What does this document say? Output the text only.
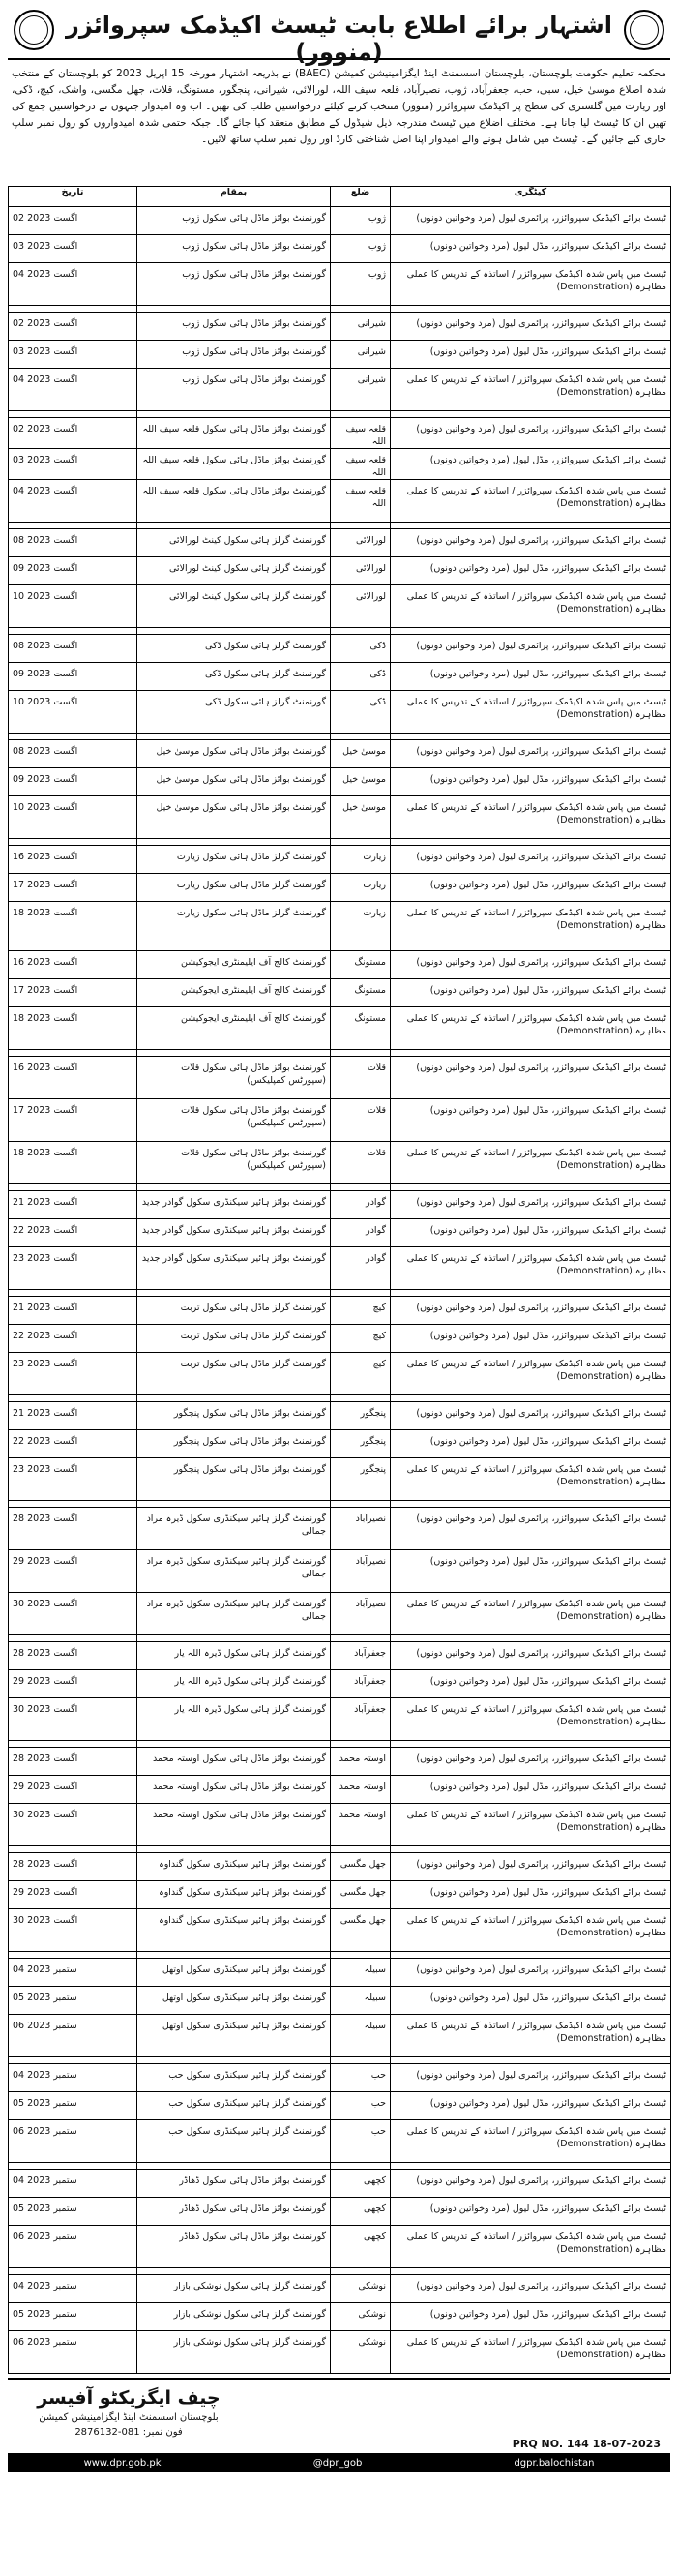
اشتہار برائے اطلاع بابت ٹیسٹ اکیڈمک سپروائزر (منوور)
محکمہ تعلیم حکومت بلوچستان، بلوچستان اسسمنٹ اینڈ ایگزامینیشن کمیشن (BAEC) نے بذریعہ اشتہار مورخہ 15 اپریل 2023 کو بلوچستان کے منتخب شدہ اضلاع موسیٰ خیل، سبی، حب، جعفرآباد، ژوب، نصیرآباد، قلعہ سیف اللہ، لورالائی، شیرانی، پنجگور، مستونگ، قلات، جھل مگسی، واشک، کیچ، ڈکی، اور زیارت میں گلستری کی سطح پر اکیڈمک سپروائزر (منوور) منتخب کرنے کیلئے درخواستیں طلب کی تھیں۔ اب وہ امیدوار جنہوں نے درخواستیں جمع کی تھیں ان کا ٹیسٹ لیا جانا ہے۔ مختلف اضلاع میں ٹیسٹ مندرجہ ذیل شیڈول کے مطابق منعقد کیا جائے گا۔ جبکہ حتمی شدہ امیدواروں کو رول نمبر سلپ جاری کیے جائیں گے۔ ٹیسٹ میں شامل ہونے والے امیدوار اپنا اصل شناختی کارڈ اور رول نمبر سلپ ساتھ لائیں۔
کیٹگری	ضلع	بمقام	تاریخ
ٹیسٹ برائے اکیڈمک سپروائزر، پرائمری لیول (مرد وخواتین دونوں)	ژوب	گورنمنٹ بوائز ماڈل ہائی سکول ژوب	02 اگست 2023
ٹیسٹ برائے اکیڈمک سپروائزر، مڈل لیول (مرد وخواتین دونوں)	ژوب	گورنمنٹ بوائز ماڈل ہائی سکول ژوب	03 اگست 2023
ٹیسٹ میں پاس شدہ اکیڈمک سپروائزر / اساتذہ کے تدریس کا عملی مظاہرہ (Demonstration)	ژوب	گورنمنٹ بوائز ماڈل ہائی سکول ژوب	04 اگست 2023

ٹیسٹ برائے اکیڈمک سپروائزر، پرائمری لیول (مرد وخواتین دونوں)	شیرانی	گورنمنٹ بوائز ماڈل ہائی سکول ژوب	02 اگست 2023
ٹیسٹ برائے اکیڈمک سپروائزر، مڈل لیول (مرد وخواتین دونوں)	شیرانی	گورنمنٹ بوائز ماڈل ہائی سکول ژوب	03 اگست 2023
ٹیسٹ میں پاس شدہ اکیڈمک سپروائزر / اساتذہ کے تدریس کا عملی مظاہرہ (Demonstration)	شیرانی	گورنمنٹ بوائز ماڈل ہائی سکول ژوب	04 اگست 2023

ٹیسٹ برائے اکیڈمک سپروائزر، پرائمری لیول (مرد وخواتین دونوں)	قلعہ سیف اللہ	گورنمنٹ بوائز ماڈل ہائی سکول قلعہ سیف اللہ	02 اگست 2023
ٹیسٹ برائے اکیڈمک سپروائزر، مڈل لیول (مرد وخواتین دونوں)	قلعہ سیف اللہ	گورنمنٹ بوائز ماڈل ہائی سکول قلعہ سیف اللہ	03 اگست 2023
ٹیسٹ میں پاس شدہ اکیڈمک سپروائزر / اساتذہ کے تدریس کا عملی مظاہرہ (Demonstration)	قلعہ سیف اللہ	گورنمنٹ بوائز ماڈل ہائی سکول قلعہ سیف اللہ	04 اگست 2023

ٹیسٹ برائے اکیڈمک سپروائزر، پرائمری لیول (مرد وخواتین دونوں)	لورالائی	گورنمنٹ گرلز ہائی سکول کینٹ لورالائی	08 اگست 2023
ٹیسٹ برائے اکیڈمک سپروائزر، مڈل لیول (مرد وخواتین دونوں)	لورالائی	گورنمنٹ گرلز ہائی سکول کینٹ لورالائی	09 اگست 2023
ٹیسٹ میں پاس شدہ اکیڈمک سپروائزر / اساتذہ کے تدریس کا عملی مظاہرہ (Demonstration)	لورالائی	گورنمنٹ گرلز ہائی سکول کینٹ لورالائی	10 اگست 2023

ٹیسٹ برائے اکیڈمک سپروائزر، پرائمری لیول (مرد وخواتین دونوں)	ڈکی	گورنمنٹ گرلز ہائی سکول ڈکی	08 اگست 2023
ٹیسٹ برائے اکیڈمک سپروائزر، مڈل لیول (مرد وخواتین دونوں)	ڈکی	گورنمنٹ گرلز ہائی سکول ڈکی	09 اگست 2023
ٹیسٹ میں پاس شدہ اکیڈمک سپروائزر / اساتذہ کے تدریس کا عملی مظاہرہ (Demonstration)	ڈکی	گورنمنٹ گرلز ہائی سکول ڈکی	10 اگست 2023

ٹیسٹ برائے اکیڈمک سپروائزر، پرائمری لیول (مرد وخواتین دونوں)	موسیٰ خیل	گورنمنٹ بوائز ماڈل ہائی سکول موسیٰ خیل	08 اگست 2023
ٹیسٹ برائے اکیڈمک سپروائزر، مڈل لیول (مرد وخواتین دونوں)	موسیٰ خیل	گورنمنٹ بوائز ماڈل ہائی سکول موسیٰ خیل	09 اگست 2023
ٹیسٹ میں پاس شدہ اکیڈمک سپروائزر / اساتذہ کے تدریس کا عملی مظاہرہ (Demonstration)	موسیٰ خیل	گورنمنٹ بوائز ماڈل ہائی سکول موسیٰ خیل	10 اگست 2023

ٹیسٹ برائے اکیڈمک سپروائزر، پرائمری لیول (مرد وخواتین دونوں)	زیارت	گورنمنٹ گرلز ماڈل ہائی سکول زیارت	16 اگست 2023
ٹیسٹ برائے اکیڈمک سپروائزر، مڈل لیول (مرد وخواتین دونوں)	زیارت	گورنمنٹ گرلز ماڈل ہائی سکول زیارت	17 اگست 2023
ٹیسٹ میں پاس شدہ اکیڈمک سپروائزر / اساتذہ کے تدریس کا عملی مظاہرہ (Demonstration)	زیارت	گورنمنٹ گرلز ماڈل ہائی سکول زیارت	18 اگست 2023

ٹیسٹ برائے اکیڈمک سپروائزر، پرائمری لیول (مرد وخواتین دونوں)	مستونگ	گورنمنٹ کالج آف ایلیمنٹری ایجوکیشن	16 اگست 2023
ٹیسٹ برائے اکیڈمک سپروائزر، مڈل لیول (مرد وخواتین دونوں)	مستونگ	گورنمنٹ کالج آف ایلیمنٹری ایجوکیشن	17 اگست 2023
ٹیسٹ میں پاس شدہ اکیڈمک سپروائزر / اساتذہ کے تدریس کا عملی مظاہرہ (Demonstration)	مستونگ	گورنمنٹ کالج آف ایلیمنٹری ایجوکیشن	18 اگست 2023

ٹیسٹ برائے اکیڈمک سپروائزر، پرائمری لیول (مرد وخواتین دونوں)	قلات	گورنمنٹ بوائز ماڈل ہائی سکول قلات (سپورٹس کمپلیکس)	16 اگست 2023
ٹیسٹ برائے اکیڈمک سپروائزر، مڈل لیول (مرد وخواتین دونوں)	قلات	گورنمنٹ بوائز ماڈل ہائی سکول قلات (سپورٹس کمپلیکس)	17 اگست 2023
ٹیسٹ میں پاس شدہ اکیڈمک سپروائزر / اساتذہ کے تدریس کا عملی مظاہرہ (Demonstration)	قلات	گورنمنٹ بوائز ماڈل ہائی سکول قلات (سپورٹس کمپلیکس)	18 اگست 2023

ٹیسٹ برائے اکیڈمک سپروائزر، پرائمری لیول (مرد وخواتین دونوں)	گوادر	گورنمنٹ بوائز ہائیر سیکنڈری سکول گوادر جدید	21 اگست 2023
ٹیسٹ برائے اکیڈمک سپروائزر، مڈل لیول (مرد وخواتین دونوں)	گوادر	گورنمنٹ بوائز ہائیر سیکنڈری سکول گوادر جدید	22 اگست 2023
ٹیسٹ میں پاس شدہ اکیڈمک سپروائزر / اساتذہ کے تدریس کا عملی مظاہرہ (Demonstration)	گوادر	گورنمنٹ بوائز ہائیر سیکنڈری سکول گوادر جدید	23 اگست 2023

ٹیسٹ برائے اکیڈمک سپروائزر، پرائمری لیول (مرد وخواتین دونوں)	کیچ	گورنمنٹ گرلز ماڈل ہائی سکول تربت	21 اگست 2023
ٹیسٹ برائے اکیڈمک سپروائزر، مڈل لیول (مرد وخواتین دونوں)	کیچ	گورنمنٹ گرلز ماڈل ہائی سکول تربت	22 اگست 2023
ٹیسٹ میں پاس شدہ اکیڈمک سپروائزر / اساتذہ کے تدریس کا عملی مظاہرہ (Demonstration)	کیچ	گورنمنٹ گرلز ماڈل ہائی سکول تربت	23 اگست 2023

ٹیسٹ برائے اکیڈمک سپروائزر، پرائمری لیول (مرد وخواتین دونوں)	پنجگور	گورنمنٹ بوائز ماڈل ہائی سکول پنجگور	21 اگست 2023
ٹیسٹ برائے اکیڈمک سپروائزر، مڈل لیول (مرد وخواتین دونوں)	پنجگور	گورنمنٹ بوائز ماڈل ہائی سکول پنجگور	22 اگست 2023
ٹیسٹ میں پاس شدہ اکیڈمک سپروائزر / اساتذہ کے تدریس کا عملی مظاہرہ (Demonstration)	پنجگور	گورنمنٹ بوائز ماڈل ہائی سکول پنجگور	23 اگست 2023

ٹیسٹ برائے اکیڈمک سپروائزر، پرائمری لیول (مرد وخواتین دونوں)	نصیرآباد	گورنمنٹ گرلز ہائیر سیکنڈری سکول ڈیرہ مراد جمالی	28 اگست 2023
ٹیسٹ برائے اکیڈمک سپروائزر، مڈل لیول (مرد وخواتین دونوں)	نصیرآباد	گورنمنٹ گرلز ہائیر سیکنڈری سکول ڈیرہ مراد جمالی	29 اگست 2023
ٹیسٹ میں پاس شدہ اکیڈمک سپروائزر / اساتذہ کے تدریس کا عملی مظاہرہ (Demonstration)	نصیرآباد	گورنمنٹ گرلز ہائیر سیکنڈری سکول ڈیرہ مراد جمالی	30 اگست 2023

ٹیسٹ برائے اکیڈمک سپروائزر، پرائمری لیول (مرد وخواتین دونوں)	جعفرآباد	گورنمنٹ گرلز ہائی سکول ڈیرہ اللہ یار	28 اگست 2023
ٹیسٹ برائے اکیڈمک سپروائزر، مڈل لیول (مرد وخواتین دونوں)	جعفرآباد	گورنمنٹ گرلز ہائی سکول ڈیرہ اللہ یار	29 اگست 2023
ٹیسٹ میں پاس شدہ اکیڈمک سپروائزر / اساتذہ کے تدریس کا عملی مظاہرہ (Demonstration)	جعفرآباد	گورنمنٹ گرلز ہائی سکول ڈیرہ اللہ یار	30 اگست 2023

ٹیسٹ برائے اکیڈمک سپروائزر، پرائمری لیول (مرد وخواتین دونوں)	اوستہ محمد	گورنمنٹ بوائز ماڈل ہائی سکول اوستہ محمد	28 اگست 2023
ٹیسٹ برائے اکیڈمک سپروائزر، مڈل لیول (مرد وخواتین دونوں)	اوستہ محمد	گورنمنٹ بوائز ماڈل ہائی سکول اوستہ محمد	29 اگست 2023
ٹیسٹ میں پاس شدہ اکیڈمک سپروائزر / اساتذہ کے تدریس کا عملی مظاہرہ (Demonstration)	اوستہ محمد	گورنمنٹ بوائز ماڈل ہائی سکول اوستہ محمد	30 اگست 2023

ٹیسٹ برائے اکیڈمک سپروائزر، پرائمری لیول (مرد وخواتین دونوں)	جھل مگسی	گورنمنٹ بوائز ہائیر سیکنڈری سکول گنداوہ	28 اگست 2023
ٹیسٹ برائے اکیڈمک سپروائزر، مڈل لیول (مرد وخواتین دونوں)	جھل مگسی	گورنمنٹ بوائز ہائیر سیکنڈری سکول گنداوہ	29 اگست 2023
ٹیسٹ میں پاس شدہ اکیڈمک سپروائزر / اساتذہ کے تدریس کا عملی مظاہرہ (Demonstration)	جھل مگسی	گورنمنٹ بوائز ہائیر سیکنڈری سکول گنداوہ	30 اگست 2023

ٹیسٹ برائے اکیڈمک سپروائزر، پرائمری لیول (مرد وخواتین دونوں)	سبیلہ	گورنمنٹ بوائز ہائیر سیکنڈری سکول اوتھل	04 ستمبر 2023
ٹیسٹ برائے اکیڈمک سپروائزر، مڈل لیول (مرد وخواتین دونوں)	سبیلہ	گورنمنٹ بوائز ہائیر سیکنڈری سکول اوتھل	05 ستمبر 2023
ٹیسٹ میں پاس شدہ اکیڈمک سپروائزر / اساتذہ کے تدریس کا عملی مظاہرہ (Demonstration)	سبیلہ	گورنمنٹ بوائز ہائیر سیکنڈری سکول اوتھل	06 ستمبر 2023

ٹیسٹ برائے اکیڈمک سپروائزر، پرائمری لیول (مرد وخواتین دونوں)	حب	گورنمنٹ گرلز ہائیر سیکنڈری سکول حب	04 ستمبر 2023
ٹیسٹ برائے اکیڈمک سپروائزر، مڈل لیول (مرد وخواتین دونوں)	حب	گورنمنٹ گرلز ہائیر سیکنڈری سکول حب	05 ستمبر 2023
ٹیسٹ میں پاس شدہ اکیڈمک سپروائزر / اساتذہ کے تدریس کا عملی مظاہرہ (Demonstration)	حب	گورنمنٹ گرلز ہائیر سیکنڈری سکول حب	06 ستمبر 2023

ٹیسٹ برائے اکیڈمک سپروائزر، پرائمری لیول (مرد وخواتین دونوں)	کچھی	گورنمنٹ بوائز ماڈل ہائی سکول ڈھاڈر	04 ستمبر 2023
ٹیسٹ برائے اکیڈمک سپروائزر، مڈل لیول (مرد وخواتین دونوں)	کچھی	گورنمنٹ بوائز ماڈل ہائی سکول ڈھاڈر	05 ستمبر 2023
ٹیسٹ میں پاس شدہ اکیڈمک سپروائزر / اساتذہ کے تدریس کا عملی مظاہرہ (Demonstration)	کچھی	گورنمنٹ بوائز ماڈل ہائی سکول ڈھاڈر	06 ستمبر 2023

ٹیسٹ برائے اکیڈمک سپروائزر، پرائمری لیول (مرد وخواتین دونوں)	نوشکی	گورنمنٹ گرلز ہائی سکول نوشکی بازار	04 ستمبر 2023
ٹیسٹ برائے اکیڈمک سپروائزر، مڈل لیول (مرد وخواتین دونوں)	نوشکی	گورنمنٹ گرلز ہائی سکول نوشکی بازار	05 ستمبر 2023
ٹیسٹ میں پاس شدہ اکیڈمک سپروائزر / اساتذہ کے تدریس کا عملی مظاہرہ (Demonstration)	نوشکی	گورنمنٹ گرلز ہائی سکول نوشکی بازار	06 ستمبر 2023
چیف ایگزیکٹو آفیسر
بلوچستان اسسمنٹ اینڈ ایگزامینیشن کمیشن
فون نمبر: 081-2876132
PRQ NO. 144 18-07-2023
www.dpr.gob.pk	@dpr_gob	dgpr.balochistan
